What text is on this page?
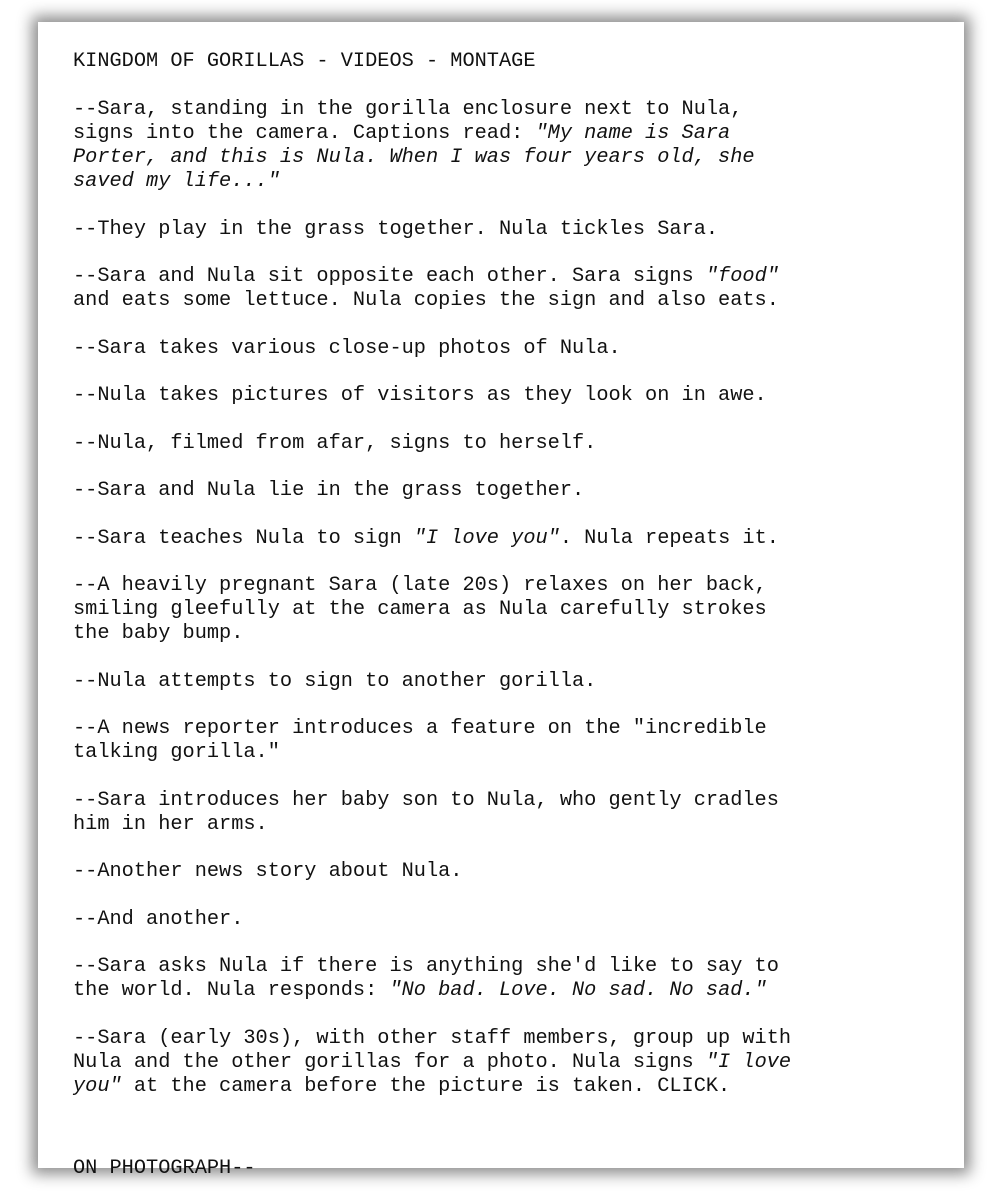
KINGDOM OF GORILLAS - VIDEOS - MONTAGE

--Sara, standing in the gorilla enclosure next to Nula,
signs into the camera. Captions read: "My name is Sara
Porter, and this is Nula. When I was four years old, she
saved my life..."

--They play in the grass together. Nula tickles Sara.

--Sara and Nula sit opposite each other. Sara signs "food"
and eats some lettuce. Nula copies the sign and also eats.

--Sara takes various close-up photos of Nula.

--Nula takes pictures of visitors as they look on in awe.

--Nula, filmed from afar, signs to herself.

--Sara and Nula lie in the grass together.

--Sara teaches Nula to sign "I love you". Nula repeats it.

--A heavily pregnant Sara (late 20s) relaxes on her back,
smiling gleefully at the camera as Nula carefully strokes
the baby bump.

--Nula attempts to sign to another gorilla.

--A news reporter introduces a feature on the "incredible
talking gorilla."

--Sara introduces her baby son to Nula, who gently cradles
him in her arms.

--Another news story about Nula.

--And another.

--Sara asks Nula if there is anything she'd like to say to
the world. Nula responds: "No bad. Love. No sad. No sad."

--Sara (early 30s), with other staff members, group up with
Nula and the other gorillas for a photo. Nula signs "I love
you" at the camera before the picture is taken. CLICK.

ON PHOTOGRAPH--
